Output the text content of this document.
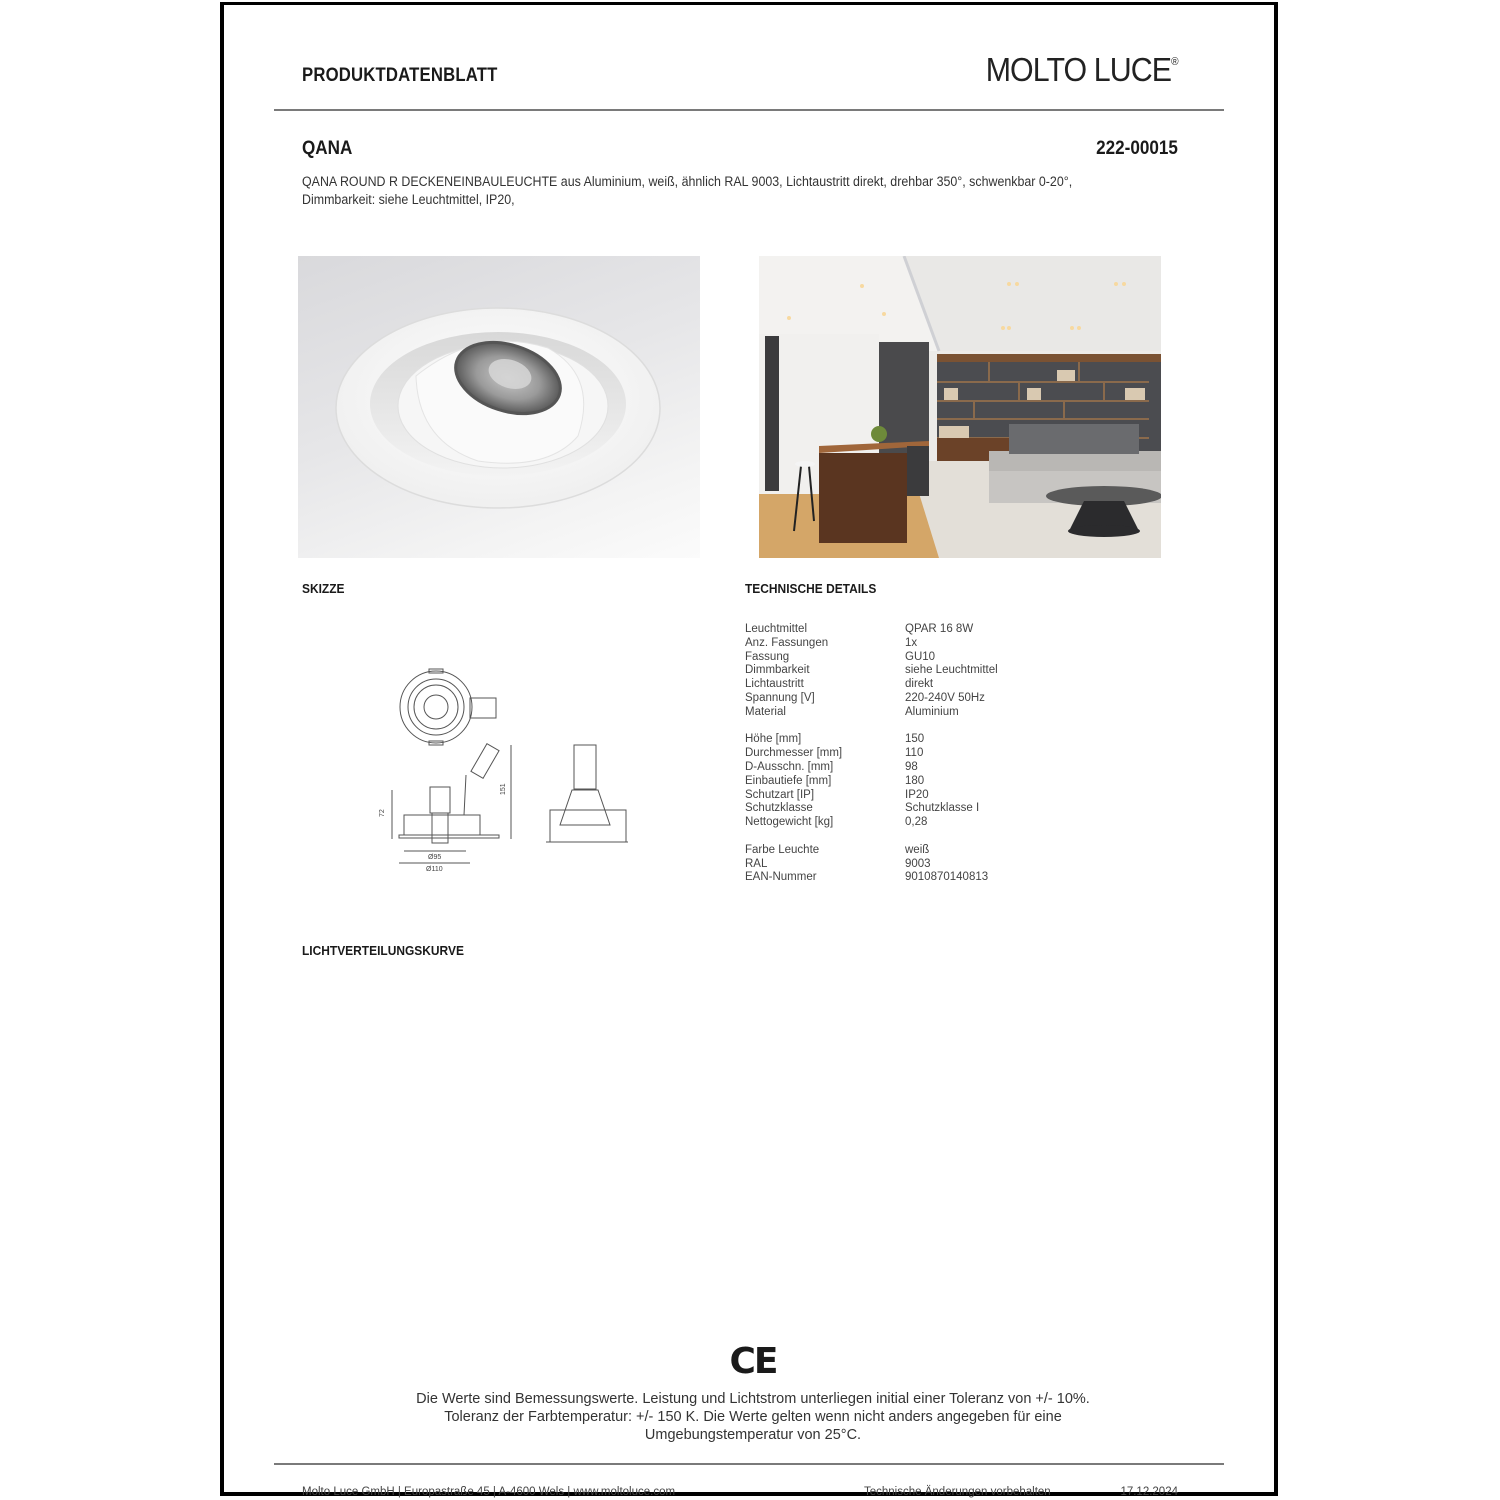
PRODUKTDATENBLATT	MOLTO LUCE®
QANA	222-00015
QANA ROUND R DECKENEINBAULEUCHTE aus Aluminium, weiß, ähnlich RAL 9003, Lichtaustritt direkt, drehbar 350°, schwenkbar 0-20°, Dimmbarkeit: siehe Leuchtmittel, IP20,
SKIZZE	TECHNISCHE DETAILS
72
151
Ø95
Ø110
Leuchtmittel	QPAR 16 8W
Anz. Fassungen	1x
Fassung	GU10
Dimmbarkeit	siehe Leuchtmittel
Lichtaustritt	direkt
Spannung [V]	220-240V 50Hz
Material	Aluminium
Höhe [mm]	150
Durchmesser [mm]	110
D-Ausschn. [mm]	98
Einbautiefe [mm]	180
Schutzart [IP]	IP20
Schutzklasse	Schutzklasse I
Nettogewicht [kg]	0,28
Farbe Leuchte	weiß
RAL	9003
EAN-Nummer	9010870140813
LICHTVERTEILUNGSKURVE
CE
Die Werte sind Bemessungswerte. Leistung und Lichtstrom unterliegen initial einer Toleranz von +/- 10%.
Toleranz der Farbtemperatur: +/- 150 K. Die Werte gelten wenn nicht anders angegeben für eine
Umgebungstemperatur von 25°C.
Molto Luce GmbH | Europastraße 45 | A-4600 Wels | www.moltoluce.com	Technische Änderungen vorbehalten	17.12.2024
